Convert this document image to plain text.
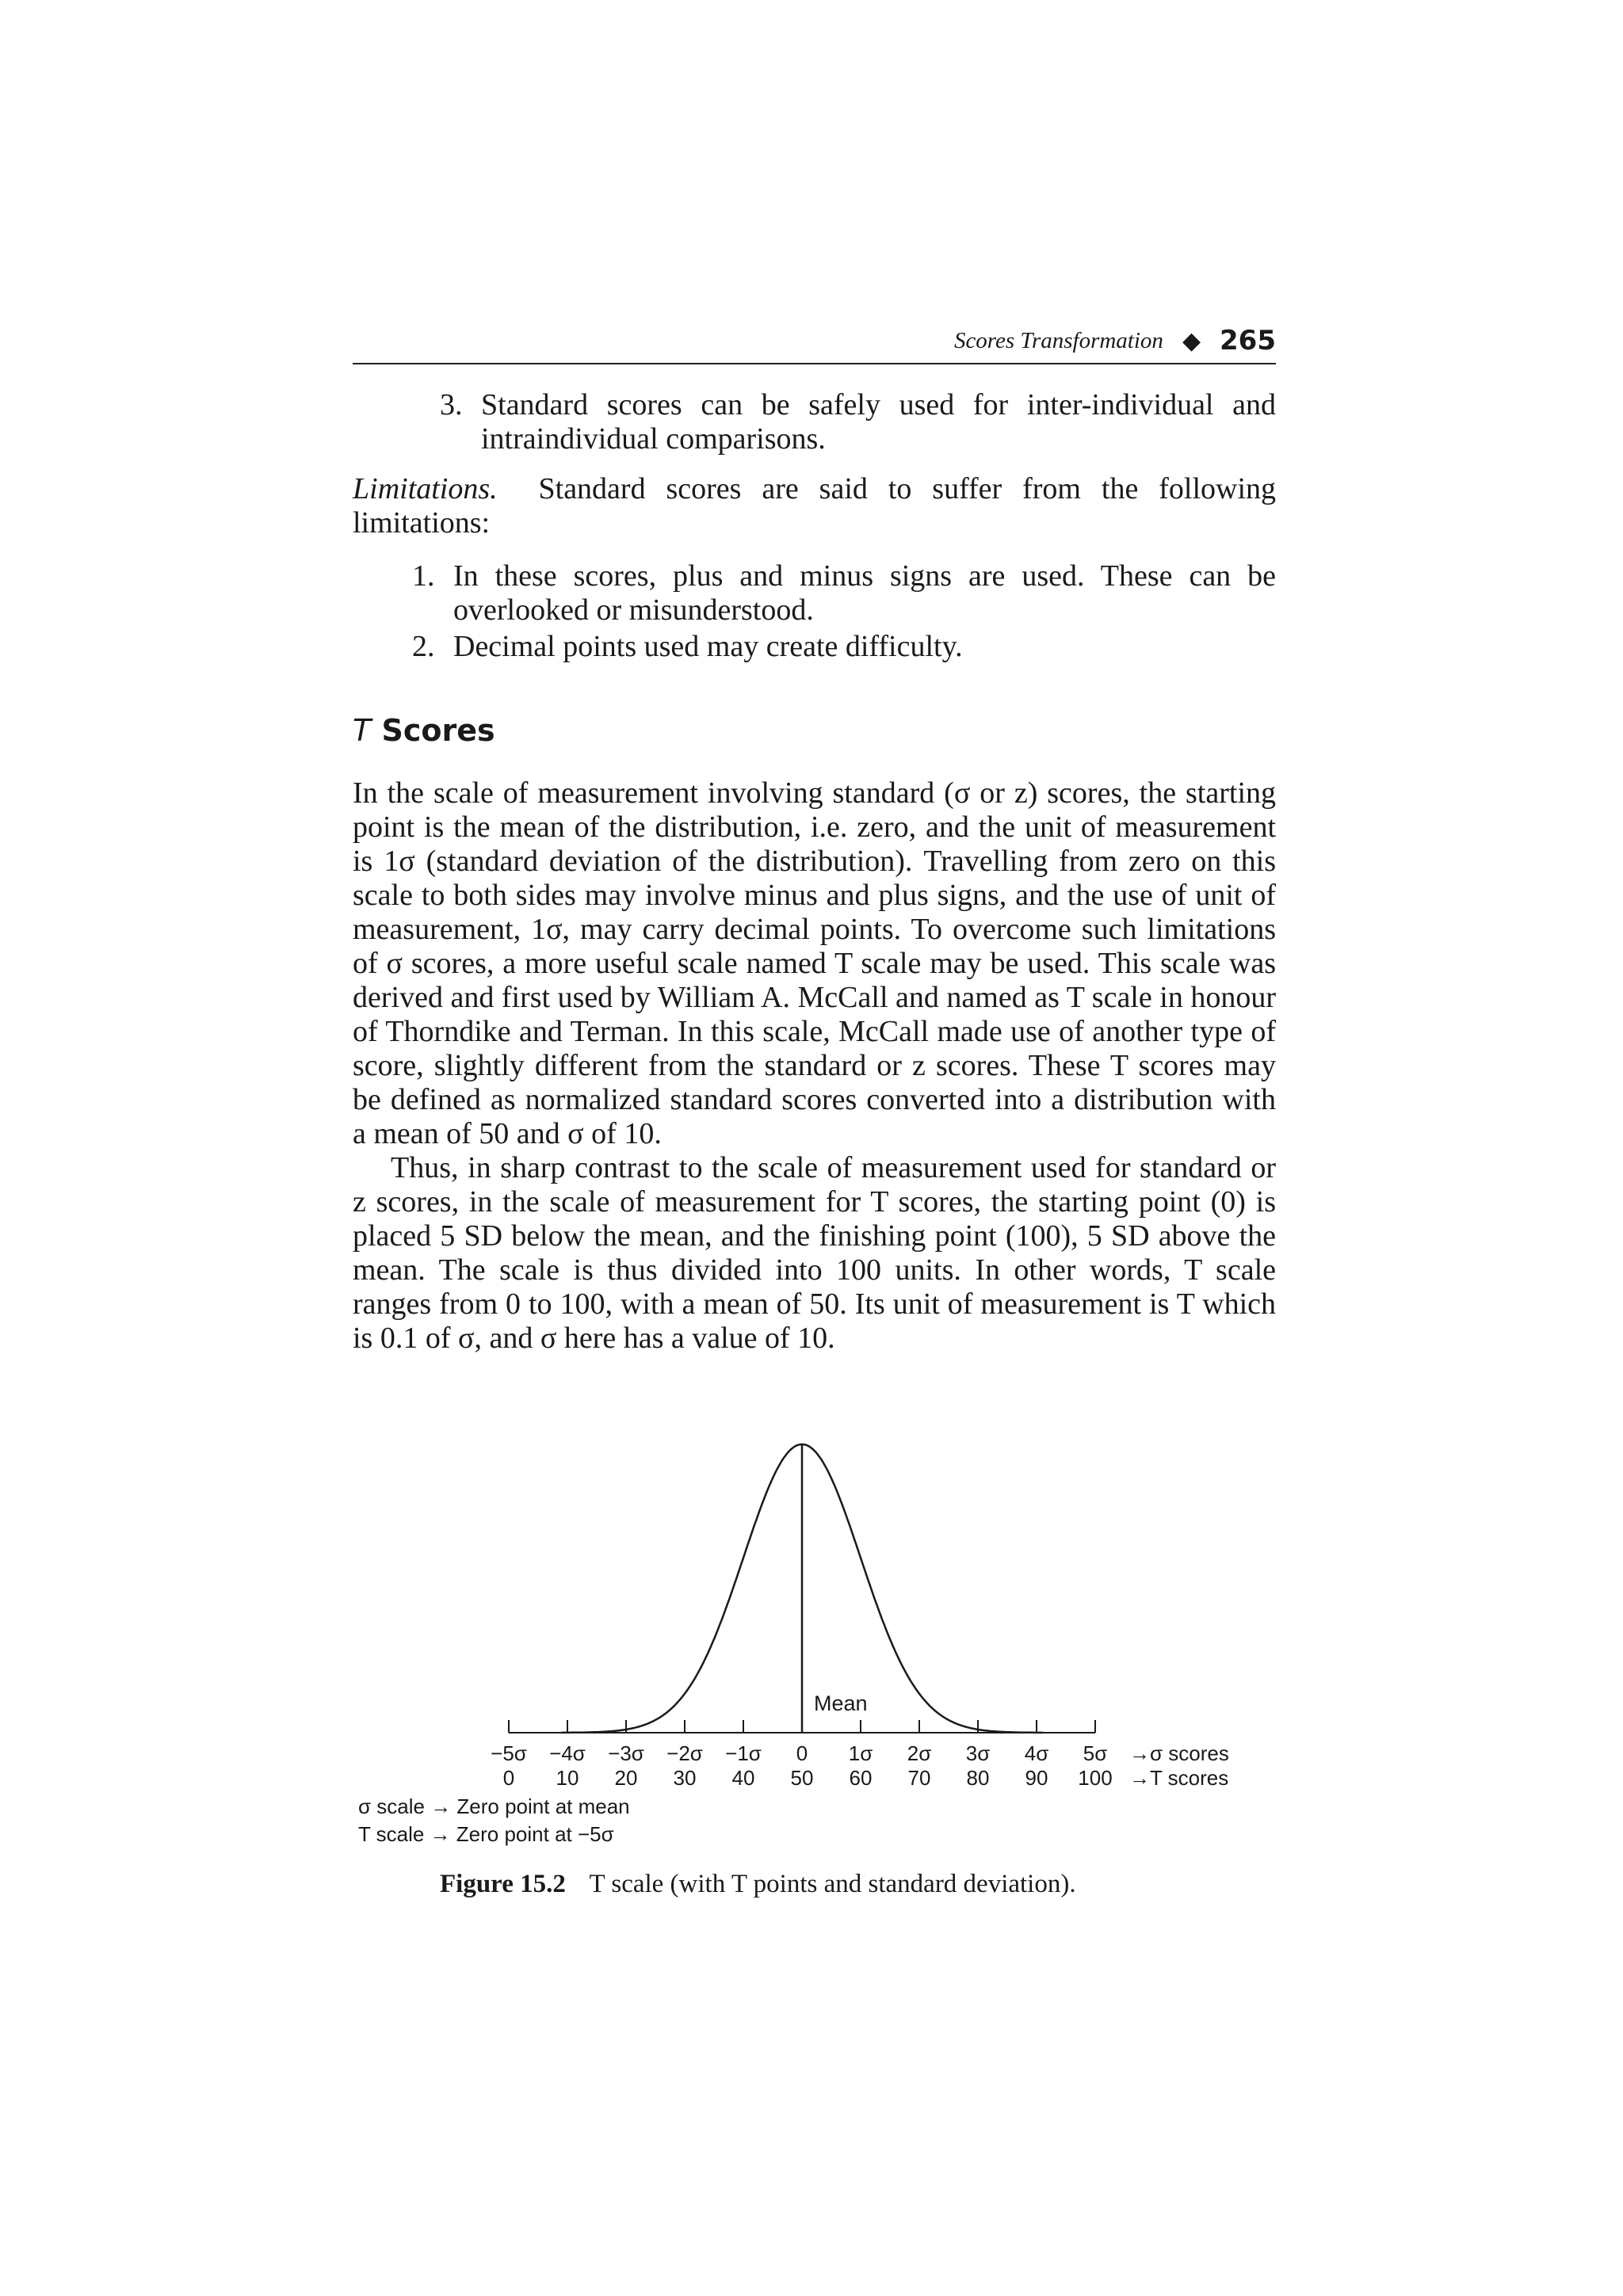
Scores Transformation ◆ 265
3. Standard scores can be safely used for inter-individual and intraindividual comparisons.
Limitations. Standard scores are said to suffer from the following limitations:
1. In these scores, plus and minus signs are used. These can be overlooked or misunderstood.
2. Decimal points used may create difficulty.
T Scores

In the scale of measurement involving standard (σ or z) scores, the starting point is the mean of the distribution, i.e. zero, and the unit of measurement is 1σ (standard deviation of the distribution). Travelling from zero on this scale to both sides may involve minus and plus signs, and the use of unit of measurement, 1σ, may carry decimal points. To overcome such limitations of σ scores, a more useful scale named T scale may be used. This scale was derived and first used by William A. McCall and named as T scale in honour of Thorndike and Terman. In this scale, McCall made use of another type of score, slightly different from the standard or z scores. These T scores may be defined as normalized standard scores converted into a distribution with a mean of 50 and σ of 10.

Thus, in sharp contrast to the scale of measurement used for standard or z scores, in the scale of measurement for T scores, the starting point (0) is placed 5 SD below the mean, and the finishing point (100), 5 SD above the mean. The scale is thus divided into 100 units. In other words, T scale ranges from 0 to 100, with a mean of 50. Its unit of measurement is T which is 0.1 of σ, and σ here has a value of 10.

−5σ
0
−4σ
10
−3σ
20
−2σ
30
−1σ
40
0
50
1σ
60
2σ
70
3σ
80
4σ
90
5σ
100
Mean
→σ scores
→T scores
σ scale → Zero point at mean
T scale → Zero point at −5σ
Figure 15.2 T scale (with T points and standard deviation).
